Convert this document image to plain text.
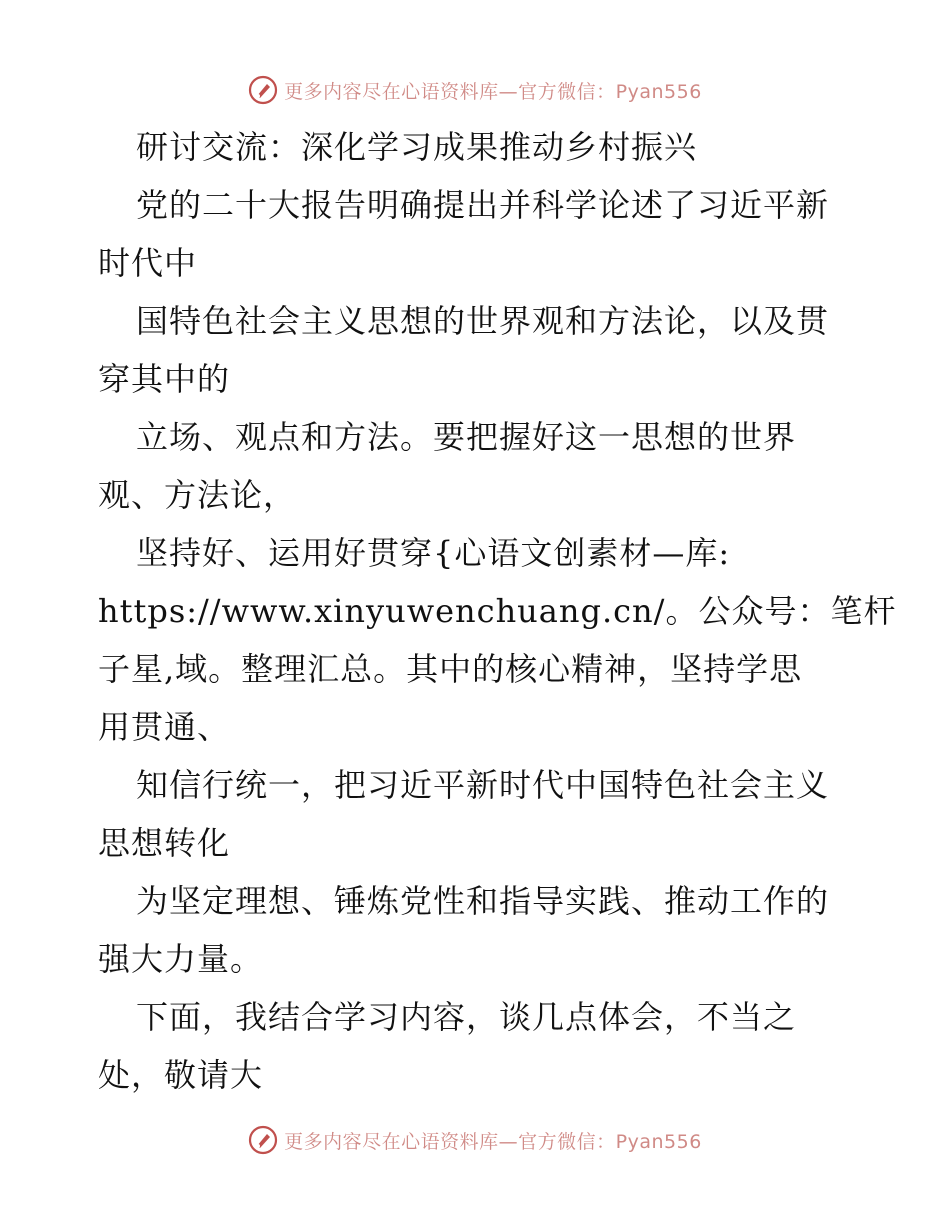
更多内容尽在心语资料库—官方微信：Pyan556
研讨交流：深化学习成果推动乡村振兴
党的二十大报告明确提出并科学论述了习近平新
时代中
国特色社会主义思想的世界观和方法论，以及贯
穿其中的
立场、观点和方法。要把握好这一思想的世界
观、方法论，
坚持好、运用好贯穿{心语文创素材—库:
https://www.xinyuwenchuang.cn/。公众号：笔杆
子星,域。整理汇总。其中的核心精神，坚持学思
用贯通、
知信行统一，把习近平新时代中国特色社会主义
思想转化
为坚定理想、锤炼党性和指导实践、推动工作的
强大力量。
下面，我结合学习内容，谈几点体会，不当之
处，敬请大
更多内容尽在心语资料库—官方微信：Pyan556
